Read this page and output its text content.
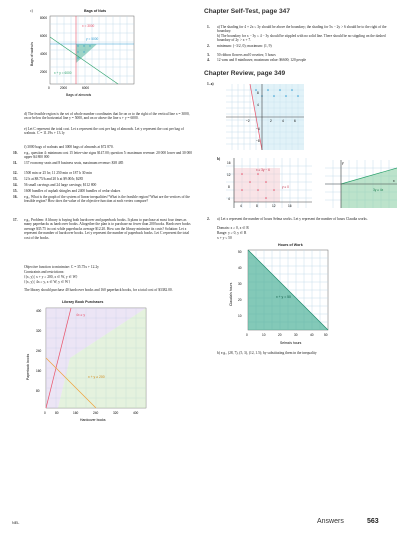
c)	Bags of Nuts
x = 3000
y = 5000
x + y = 6000
8000
6000
4000
2000
0	2000	6000
Bags of almonds
Bags of walnuts
d) The feasible region is the set of whole number coordinates that lie on or to the right of the vertical line x = 3000, on or below the horizontal line y = 5000, and on or above the line x + y = 6000.
e) Let C represent the total cost. Let x represent the cost per bag of almonds. Let y represent the cost per bag of walnuts. C = 11.19x + 13.1y
f) 3000 bags of walnuts and 3000 bags of almonds at $72 870.
10. e.g., question 4: minimum cost 15 letter-size signs $147.00; question 5: maximum revenue: 20 000 lower and 30 000 upper $4 800 000
11. 137 economy seats and 8 business seats, maximum revenue: $38 485
12. 1500 min or 25 hr; 11 250 min or 187 h 30 min
13. 12 h at $8.75/h and 20 h at $9.00/h; $285
14. 56 small carvings and 24 large carvings; $112 800
15. 1600 bundles of asphalt shingles and 2400 bundles of cedar shakes
16. e.g., What is the graph of the system of linear inequalities? What is the feasible region? What are the vertices of the feasible region? How does the value of the objective function at each vertex compare?
17. e.g., Problem: A library is buying both hardcover and paperback books. It plans to purchase at most four times as many paperbacks as hardcover books. Altogether the plan is to purchase no fewer than 200 books. Hardcover books average $35.75 in cost while paperbacks average $12.20. How can the library minimize its costs? Solution: Let x represent the number of hardcover books. Let y represent the number of paperback books. Let C represent the total cost of the books.
Objective function to minimize: C = 35.75x + 12.2y
Constraints and restrictions:
{(x, y) | x + y ≥ 200, x ∈ W, y ∈ W}
{(x, y) | 4x ≥ y, x ∈ W, y ∈ W}
The library should purchase 40 hardcover books and 160 paperback books, for a total cost of $3382.00.
Library Book Purchases
4x ≥ y
x + y ≥ 200
400
320
240
160
80
0	80	160	240	320	400
Hardcover books
Paperback books
Chapter Self-Test, page 347
1. a) The shading for 4 + 2x ≤ 3y should be above the boundary; the shading for 5x − 2y > 6 should be to the right of the boundary.
b) The boundary for x − 3y ≤ 4 − 3y should be stippled with no solid line. There should be no stippling on the dashed boundary of 2y > x + 7.
2. minimum: (−3/2, 0); maximum: (1, 9)
3. 50 ribbon flowers and 0 rosettes; 5 hours
4. 12 vans and 0 minibuses; maximum value: $6600; 120 people
Chapter Review, page 349
1. a)
−2	2	4	6
8
4
−4
−8
b)
x ≥ 3y − 6
y ≥ 0
4	8	12	16
16
12
8
4
y
x
3y ≥ 4x
2. a) Let x represent the number of hours Selma works. Let y represent the number of hours Claudia works.
Domain: x ≥ 0, x ∈ R
Range: y ≥ 0, y ∈ R
x + y ≤ 50
Hours of Work
x + y = 50
50
40
30
20
10
0	10	20	30	40	50
Selma's hours
Claudia's hours
b) e.g., (28, 7), (5, 3), (12, 1.5); by substituting them in the inequality
NEL	Answers	563
